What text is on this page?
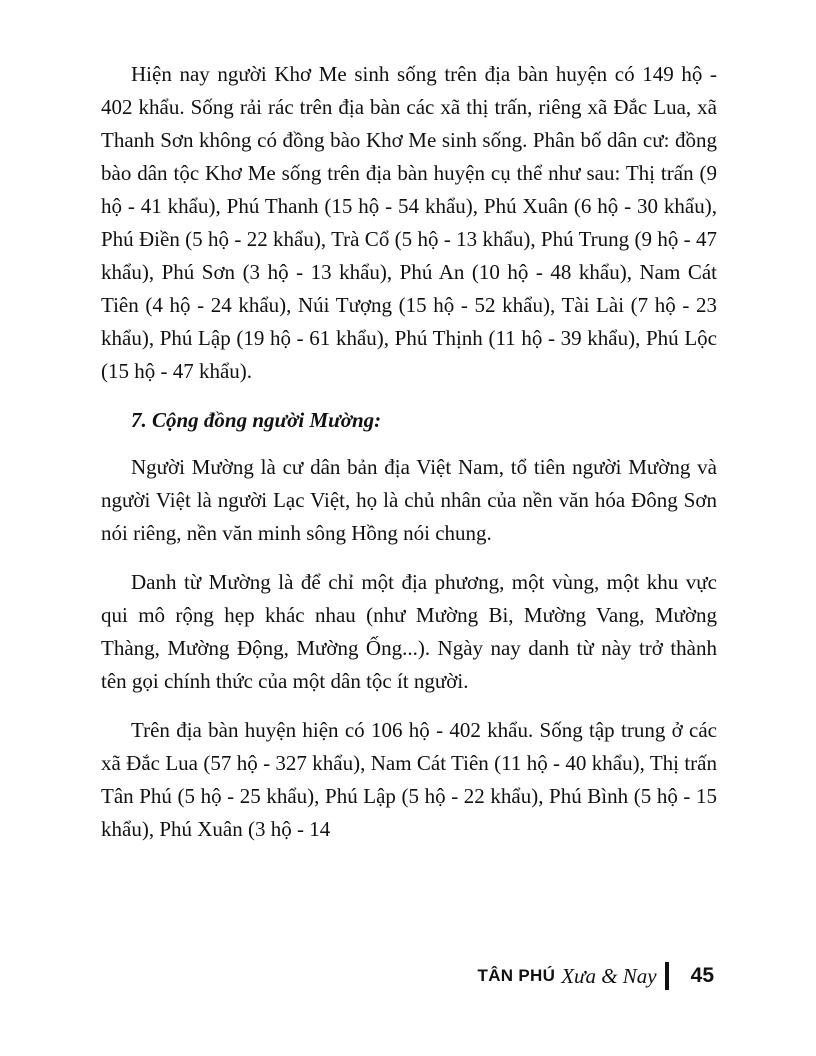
Hiện nay người Khơ Me sinh sống trên địa bàn huyện có 149 hộ - 402 khẩu. Sống rải rác trên địa bàn các xã thị trấn, riêng xã Đắc Lua, xã Thanh Sơn không có đồng bào Khơ Me sinh sống. Phân bố dân cư: đồng bào dân tộc Khơ Me sống trên địa bàn huyện cụ thể như sau: Thị trấn (9 hộ - 41 khẩu), Phú Thanh (15 hộ - 54 khẩu), Phú Xuân (6 hộ - 30 khẩu), Phú Điền (5 hộ - 22 khẩu), Trà Cổ (5 hộ - 13 khẩu), Phú Trung (9 hộ - 47 khẩu), Phú Sơn (3 hộ - 13 khẩu), Phú An (10 hộ - 48 khẩu), Nam Cát Tiên (4 hộ - 24 khẩu), Núi Tượng (15 hộ - 52 khẩu), Tài Lài (7 hộ - 23 khẩu), Phú Lập (19 hộ - 61 khẩu), Phú Thịnh (11 hộ - 39 khẩu), Phú Lộc (15 hộ - 47 khẩu).

7. Cộng đồng người Mường:

Người Mường là cư dân bản địa Việt Nam, tổ tiên người Mường và người Việt là người Lạc Việt, họ là chủ nhân của nền văn hóa Đông Sơn nói riêng, nền văn minh sông Hồng nói chung.

Danh từ Mường là để chỉ một địa phương, một vùng, một khu vực qui mô rộng hẹp khác nhau (như Mường Bi, Mường Vang, Mường Thàng, Mường Động, Mường Ống...). Ngày nay danh từ này trở thành tên gọi chính thức của một dân tộc ít người.

Trên địa bàn huyện hiện có 106 hộ - 402 khẩu. Sống tập trung ở các xã Đắc Lua (57 hộ - 327 khẩu), Nam Cát Tiên (11 hộ - 40 khẩu), Thị trấn Tân Phú (5 hộ - 25 khẩu), Phú Lập (5 hộ - 22 khẩu), Phú Bình (5 hộ - 15 khẩu), Phú Xuân (3 hộ - 14

TÂN PHÚ Xưa & Nay 45
